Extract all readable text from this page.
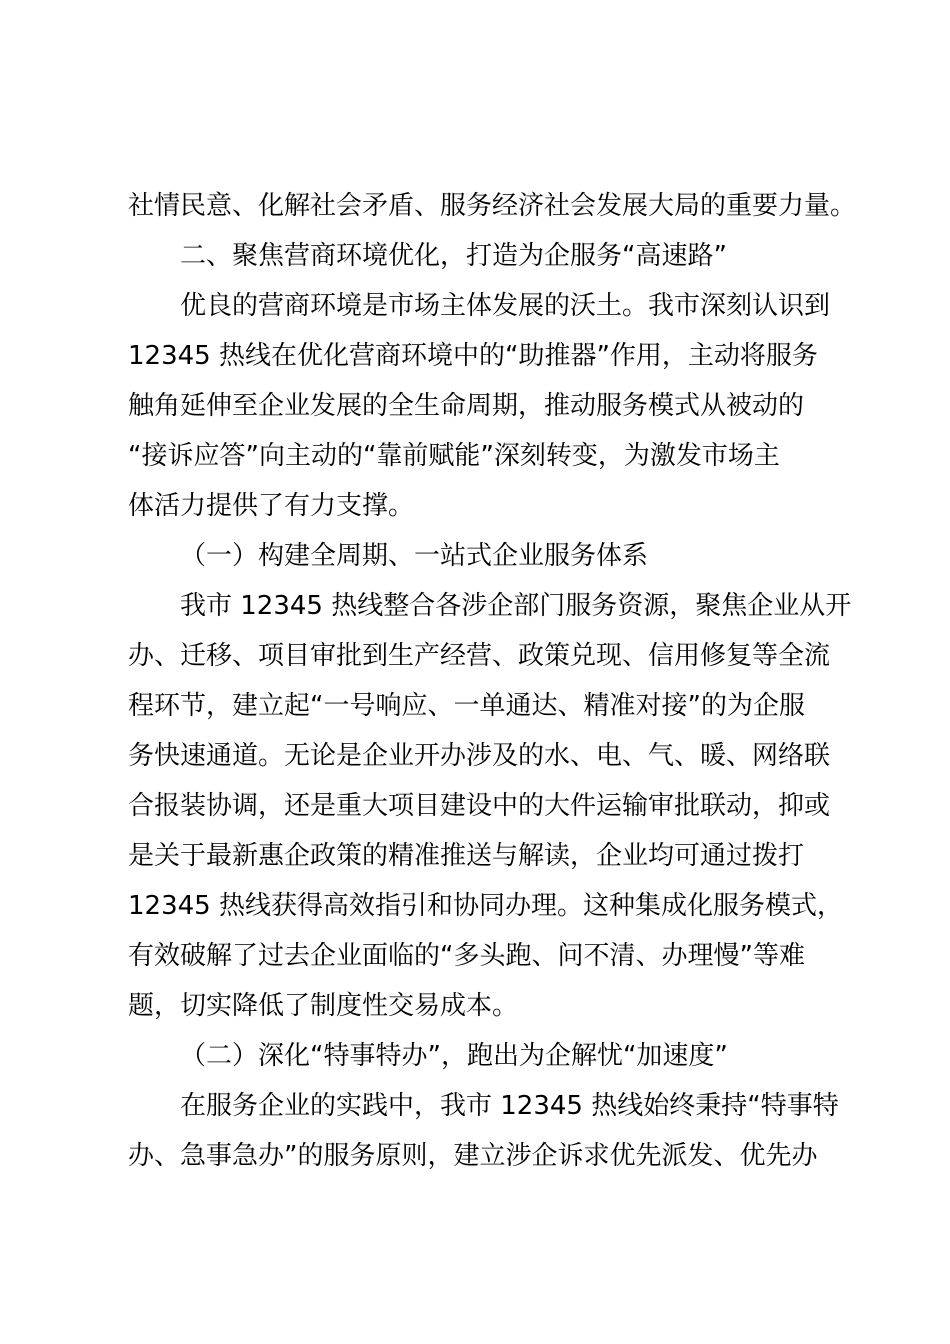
社情民意、化解社会矛盾、服务经济社会发展大局的重要力量。
二、聚焦营商环境优化，打造为企服务“高速路”
优良的营商环境是市场主体发展的沃土。我市深刻认识到
12345 热线在优化营商环境中的“助推器”作用，主动将服务
触角延伸至企业发展的全生命周期，推动服务模式从被动的
“接诉应答”向主动的“靠前赋能”深刻转变，为激发市场主
体活力提供了有力支撑。
（一）构建全周期、一站式企业服务体系
我市 12345 热线整合各涉企部门服务资源，聚焦企业从开
办、迁移、项目审批到生产经营、政策兑现、信用修复等全流
程环节，建立起“一号响应、一单通达、精准对接”的为企服
务快速通道。无论是企业开办涉及的水、电、气、暖、网络联
合报装协调，还是重大项目建设中的大件运输审批联动，抑或
是关于最新惠企政策的精准推送与解读，企业均可通过拨打
12345 热线获得高效指引和协同办理。这种集成化服务模式，
有效破解了过去企业面临的“多头跑、问不清、办理慢”等难
题，切实降低了制度性交易成本。
（二）深化“特事特办”，跑出为企解忧“加速度”
在服务企业的实践中，我市 12345 热线始终秉持“特事特
办、急事急办”的服务原则，建立涉企诉求优先派发、优先办
